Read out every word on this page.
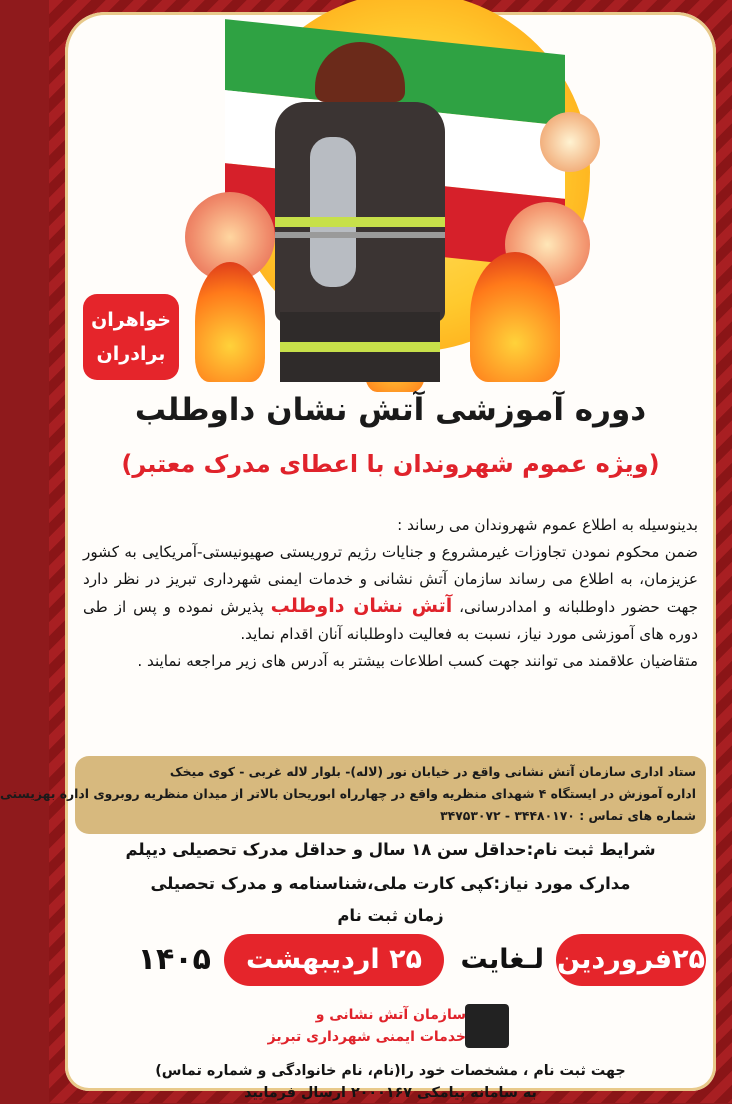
خواهران
برادران
دوره آموزشی آتش نشان داوطلب
(ویژه عموم شهروندان با اعطای مدرک معتبر)

بدینوسیله به اطلاع عموم شهروندان می رساند :

ضمن محکوم نمودن تجاوزات غیرمشروع و جنایات رژیم تروریستی صهیونیستی-آمریکایی به کشور عزیزمان، به اطلاع می رساند سازمان آتش نشانی و خدمات ایمنی شهرداری تبریز در نظر دارد جهت حضور داوطلبانه و امدادرسانی، آتش نشان داوطلب پذیرش نموده و پس از طی دوره های آموزشی مورد نیاز، نسبت به فعالیت داوطلبانه آنان اقدام نماید.

متقاضیان علاقمند می توانند جهت کسب اطلاعات بیشتر به آدرس های زیر مراجعه نمایند .

ستاد اداری سازمان آتش نشانی واقع در خیابان نور (لاله)- بلوار لاله غربی - کوی میخک
اداره آموزش در ایستگاه ۴ شهدای منظریه واقع در چهارراه ابوریحان بالاتر از میدان منظریه روبروی اداره بهزیستی
شماره های تماس : ۳۴۴۸۰۱۷۰ - ۳۴۷۵۳۰۷۲
شرایط ثبت نام:حداقل سن ۱۸ سال و حداقل مدرک تحصیلی دیپلم
مدارک مورد نیاز:کپی کارت ملی،شناسنامه و مدرک تحصیلی
زمان ثبت نام
۲۵فروردین
لـغایت
۲۵ اردیبهشت
۱۴۰۵
سازمان آتش نشانی و
خدمات ایمنی شهرداری تبریز
جهت ثبت نام ، مشخصات خود را(نام، نام خانوادگی و شماره تماس)
به سامانه پیامکی ۲۰۰۰۱۶۷ ارسال فرمایید
